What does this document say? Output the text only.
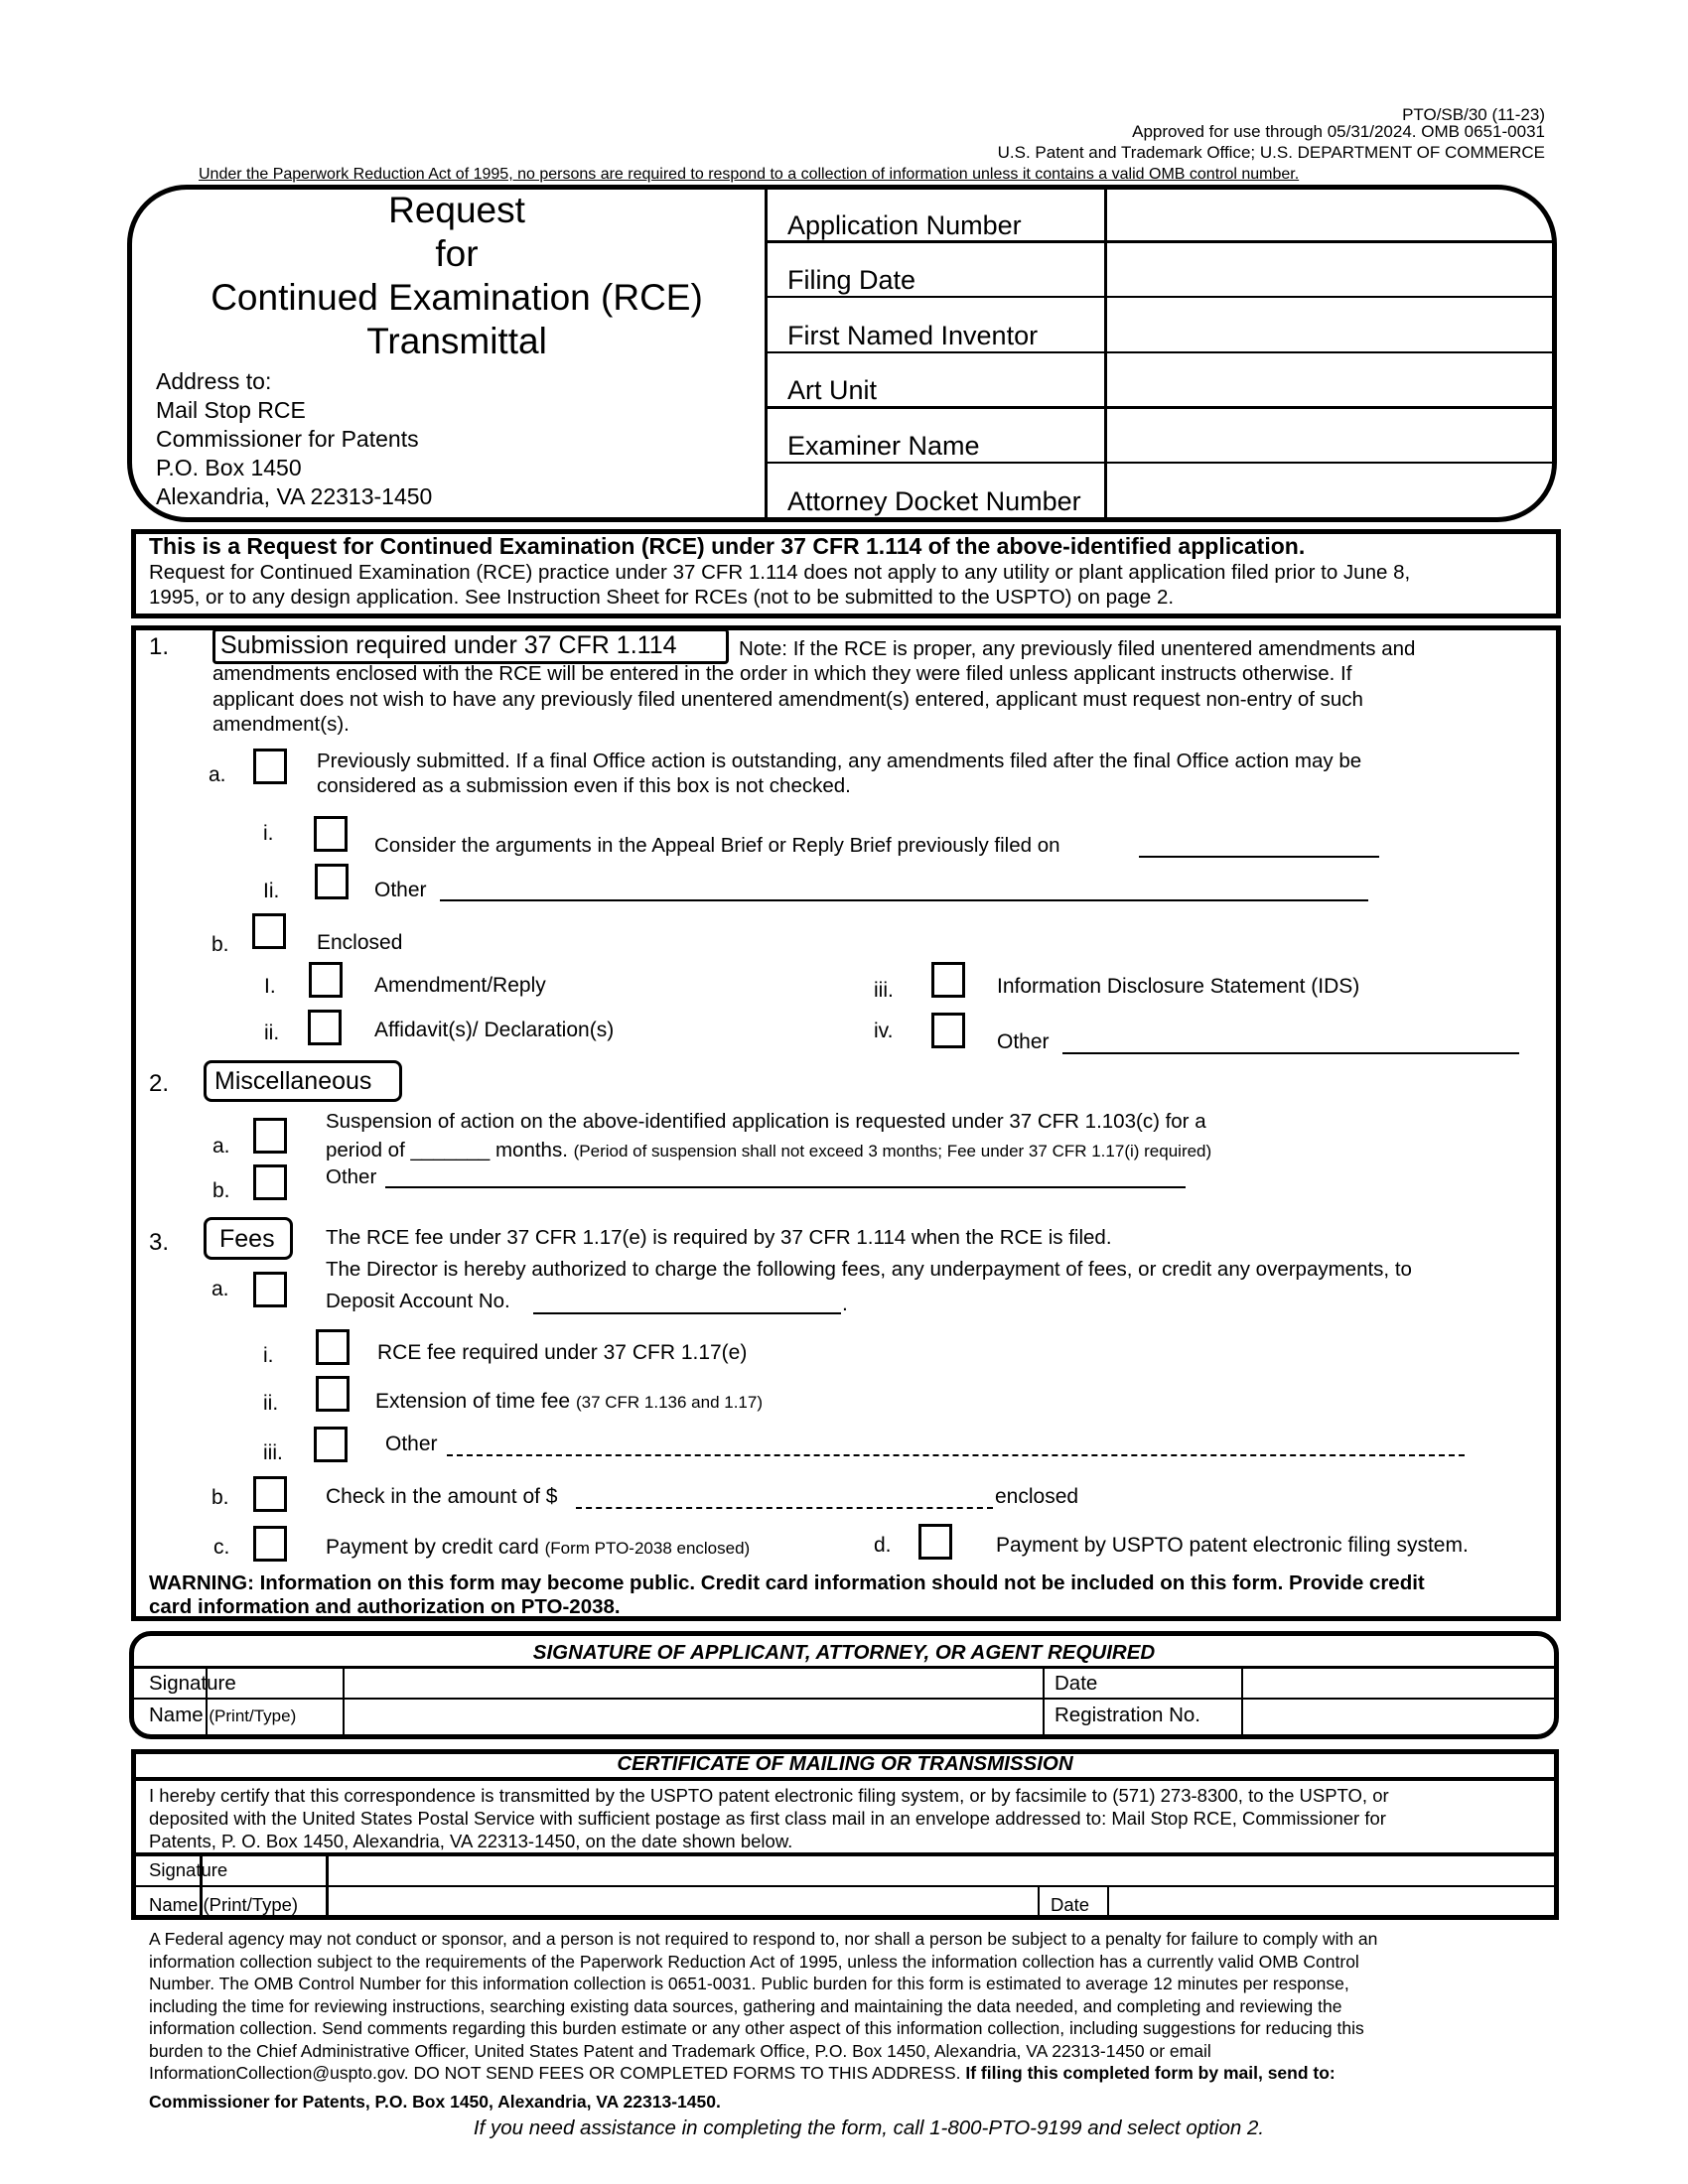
PTO/SB/30 (11-23)
Approved for use through 05/31/2024. OMB 0651-0031
U.S. Patent and Trademark Office; U.S. DEPARTMENT OF COMMERCE
Under the Paperwork Reduction Act of 1995, no persons are required to respond to a collection of information unless it contains a valid OMB control number.
Request
for
Continued Examination (RCE)
Transmittal
Address to:
Mail Stop RCE
Commissioner for Patents
P.O. Box 1450
Alexandria, VA 22313-1450
Application Number
Filing Date
First Named Inventor
Art Unit
Examiner Name
Attorney Docket Number
This is a Request for Continued Examination (RCE) under 37 CFR 1.114 of the above-identified application.
Request for Continued Examination (RCE) practice under 37 CFR 1.114 does not apply to any utility or plant application filed prior to June 8,
1995, or to any design application. See Instruction Sheet for RCEs (not to be submitted to the USPTO) on page 2.
1. Submission required under 37 CFR 1.114	Note: If the RCE is proper, any previously filed unentered amendments and
amendments enclosed with the RCE will be entered in the order in which they were filed unless applicant instructs otherwise. If
applicant does not wish to have any previously filed unentered amendment(s) entered, applicant must request non-entry of such
amendment(s).
a.
Previously submitted. If a final Office action is outstanding, any amendments filed after the final Office action may be
considered as a submission even if this box is not checked.
i.
Consider the arguments in the Appeal Brief or Reply Brief previously filed on
Ii.	Other
b.	Enclosed
I.	Amendment/Reply
ii.	Affidavit(s)/ Declaration(s)
iii.	Information Disclosure Statement (IDS)
iv.	Other
2. Miscellaneous
a.
Suspension of action on the above-identified application is requested under 37 CFR 1.103(c) for a
period of _______ months. (Period of suspension shall not exceed 3 months; Fee under 37 CFR 1.17(i) required)
b.
Other
3. Fees	The RCE fee under 37 CFR 1.17(e) is required by 37 CFR 1.114 when the RCE is filed.
a.
The Director is hereby authorized to charge the following fees, any underpayment of fees, or credit any overpayments, to
Deposit Account No.	.
i.	RCE fee required under 37 CFR 1.17(e)
ii.	Extension of time fee (37 CFR 1.136 and 1.17)
iii.	Other
b.	Check in the amount of $	enclosed
c.	Payment by credit card (Form PTO-2038 enclosed)	d.	Payment by USPTO patent electronic filing system.
WARNING: Information on this form may become public. Credit card information should not be included on this form. Provide credit
card information and authorization on PTO-2038.
SIGNATURE OF APPLICANT, ATTORNEY, OR AGENT REQUIRED
Signature
Name (Print/Type)
Date
Registration No.
CERTIFICATE OF MAILING OR TRANSMISSION
I hereby certify that this correspondence is transmitted by the USPTO patent electronic filing system, or by facsimile to (571) 273-8300, to the USPTO, or
deposited with the United States Postal Service with sufficient postage as first class mail in an envelope addressed to: Mail Stop RCE, Commissioner for
Patents, P. O. Box 1450, Alexandria, VA 22313-1450, on the date shown below.
Signature
Name (Print/Type)	Date
A Federal agency may not conduct or sponsor, and a person is not required to respond to, nor shall a person be subject to a penalty for failure to comply with an
information collection subject to the requirements of the Paperwork Reduction Act of 1995, unless the information collection has a currently valid OMB Control
Number. The OMB Control Number for this information collection is 0651-0031. Public burden for this form is estimated to average 12 minutes per response,
including the time for reviewing instructions, searching existing data sources, gathering and maintaining the data needed, and completing and reviewing the
information collection. Send comments regarding this burden estimate or any other aspect of this information collection, including suggestions for reducing this
burden to the Chief Administrative Officer, United States Patent and Trademark Office, P.O. Box 1450, Alexandria, VA 22313-1450 or email
InformationCollection@uspto.gov. DO NOT SEND FEES OR COMPLETED FORMS TO THIS ADDRESS. If filing this completed form by mail, send to:
Commissioner for Patents, P.O. Box 1450, Alexandria, VA 22313-1450.
If you need assistance in completing the form, call 1-800-PTO-9199 and select option 2.
